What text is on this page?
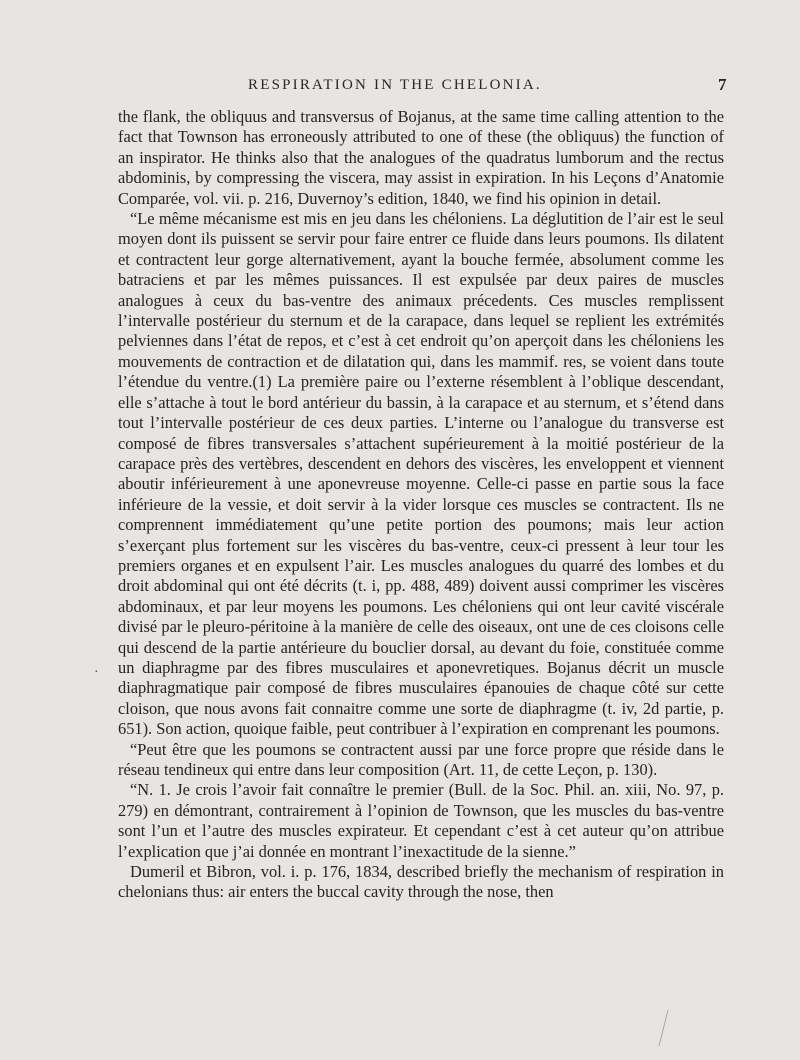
RESPIRATION IN THE CHELONIA.	7

the flank, the obliquus and transversus of Bojanus, at the same time calling attention to the fact that Townson has erroneously attributed to one of these (the obliquus) the function of an inspirator. He thinks also that the analogues of the quadratus lumborum and the rectus abdominis, by compressing the viscera, may assist in expiration. In his Leçons d’Anatomie Comparée, vol. vii. p. 216, Duvernoy’s edition, 1840, we find his opinion in detail.

“Le même mécanisme est mis en jeu dans les chéloniens. La déglutition de l’air est le seul moyen dont ils puissent se servir pour faire entrer ce fluide dans leurs poumons. Ils dilatent et contractent leur gorge alternativement, ayant la bouche fermée, absolument comme les batraciens et par les mêmes puissances. Il est expulsée par deux paires de muscles analogues à ceux du bas-ventre des animaux précedents. Ces muscles remplissent l’intervalle postérieur du sternum et de la carapace, dans lequel se replient les extrémités pelviennes dans l’état de repos, et c’est à cet endroit qu’on aperçoit dans les chéloniens les mouvements de contraction et de dilatation qui, dans les mammif. res, se voient dans toute l’étendue du ventre.(1) La première paire ou l’externe résemblent à l’oblique descendant, elle s’attache à tout le bord antérieur du bassin, à la carapace et au sternum, et s’étend dans tout l’intervalle postérieur de ces deux parties. L’interne ou l’analogue du transverse est composé de fibres transversales s’attachent supérieurement à la moitié postérieur de la carapace près des vertèbres, descendent en dehors des viscères, les enveloppent et viennent aboutir inférieurement à une aponevreuse moyenne. Celle-ci passe en partie sous la face inférieure de la vessie, et doit servir à la vider lorsque ces muscles se contractent. Ils ne comprennent immédiatement qu’une petite portion des poumons; mais leur action s’exerçant plus fortement sur les viscères du bas-ventre, ceux-ci pressent à leur tour les premiers organes et en expulsent l’air. Les muscles analogues du quarré des lombes et du droit abdominal qui ont été décrits (t. i, pp. 488, 489) doivent aussi comprimer les viscères abdominaux, et par leur moyens les poumons. Les chéloniens qui ont leur cavité viscérale divisé par le pleuro-péritoine à la manière de celle des oiseaux, ont une de ces cloisons celle qui descend de la partie antérieure du bouclier dorsal, au devant du foie, constituée comme un diaphragme par des fibres musculaires et aponevretiques. Bojanus décrit un muscle diaphragmatique pair composé de fibres musculaires épanouies de chaque côté sur cette cloison, que nous avons fait connaitre comme une sorte de diaphragme (t. iv, 2d partie, p. 651). Son action, quoique faible, peut contribuer à l’expiration en comprenant les poumons.

“Peut être que les poumons se contractent aussi par une force propre que réside dans le réseau tendineux qui entre dans leur composition (Art. 11, de cette Leçon, p. 130).

“N. 1. Je crois l’avoir fait connaître le premier (Bull. de la Soc. Phil. an. xiii, No. 97, p. 279) en démontrant, contrairement à l’opinion de Townson, que les muscles du bas-ventre sont l’un et l’autre des muscles expirateur. Et cependant c’est à cet auteur qu’on attribue l’explication que j’ai donnée en montrant l’inexactitude de la sienne.”

Dumeril et Bibron, vol. i. p. 176, 1834, described briefly the mechanism of respiration in chelonians thus: air enters the buccal cavity through the nose, then

·
